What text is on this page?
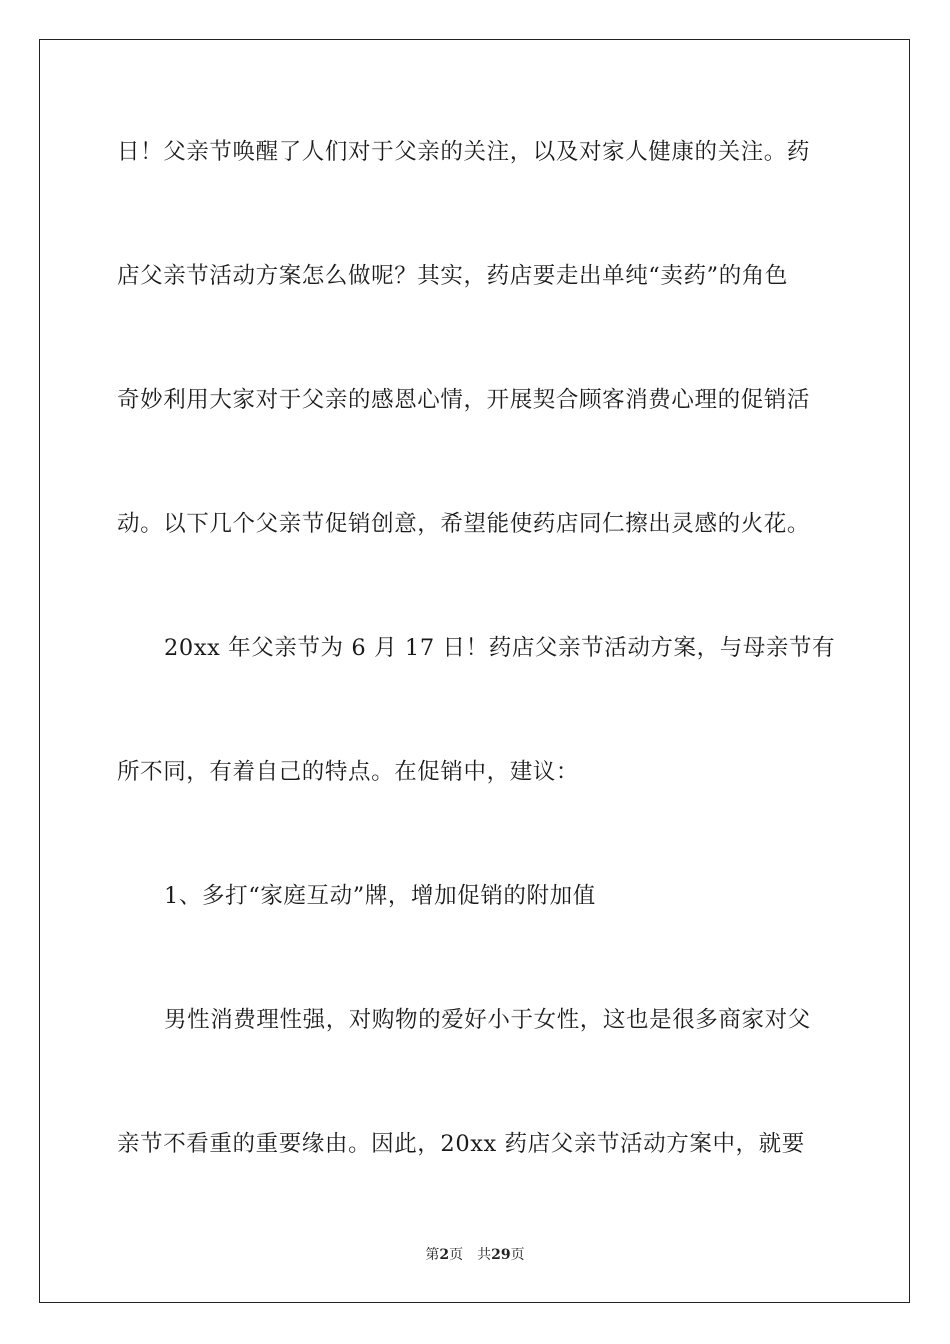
日！父亲节唤醒了人们对于父亲的关注，以及对家人健康的关注。药
店父亲节活动方案怎么做呢？其实，药店要走出单纯“卖药”的角色
奇妙利用大家对于父亲的感恩心情，开展契合顾客消费心理的促销活
动。以下几个父亲节促销创意，希望能使药店同仁擦出灵感的火花。
20xx 年父亲节为 6 月 17 日！药店父亲节活动方案，与母亲节有
所不同，有着自己的特点。在促销中，建议：
1、多打“家庭互动”牌，增加促销的附加值
男性消费理性强，对购物的爱好小于女性，这也是很多商家对父
亲节不看重的重要缘由。因此，20xx 药店父亲节活动方案中，就要
第2页 共29页
